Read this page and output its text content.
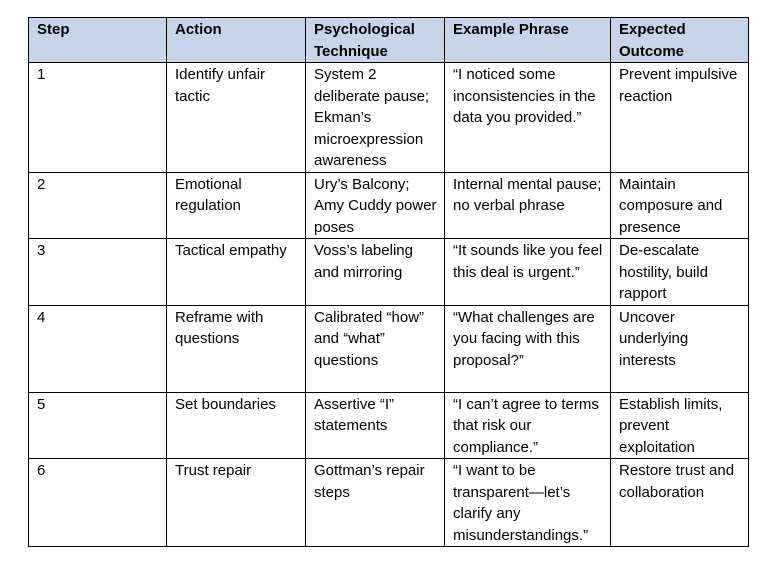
Step	Action	Psychological Technique	Example Phrase	Expected Outcome
1	Identify unfair tactic	System 2 deliberate pause; Ekman’s microexpression awareness	“I noticed some inconsistencies in the data you provided.”	Prevent impulsive reaction
2	Emotional regulation	Ury’s Balcony; Amy Cuddy power poses	Internal mental pause; no verbal phrase	Maintain composure and presence
3	Tactical empathy	Voss’s labeling and mirroring	“It sounds like you feel this deal is urgent.”	De-escalate hostility, build rapport
4	Reframe with questions	Calibrated “how” and “what” questions	“What challenges are you facing with this proposal?”	Uncover underlying interests
5	Set boundaries	Assertive “I” statements	“I can’t agree to terms that risk our compliance.”	Establish limits, prevent exploitation
6	Trust repair	Gottman’s repair steps	“I want to be transparent—let’s clarify any misunderstandings.”	Restore trust and collaboration
